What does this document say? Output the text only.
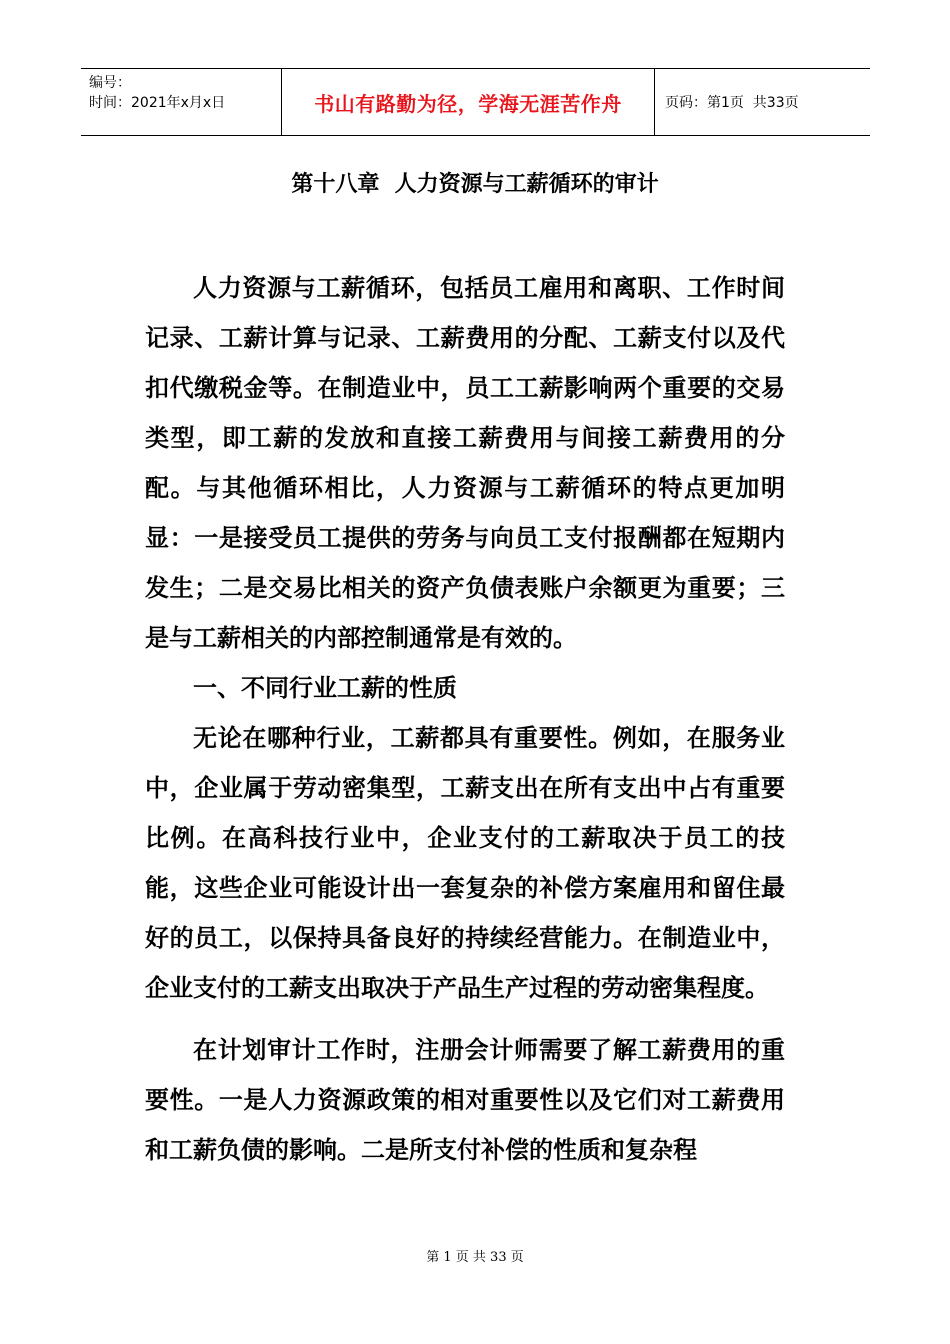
编号：
时间：2021年x月x日	书山有路勤为径，学海无涯苦作舟	页码：第1页  共33页
第十八章  人力资源与工薪循环的审计

人力资源与工薪循环，包括员工雇用和离职、工作时间记录、工薪计算与记录、工薪费用的分配、工薪支付以及代扣代缴税金等。在制造业中，员工工薪影响两个重要的交易类型，即工薪的发放和直接工薪费用与间接工薪费用的分配。与其他循环相比，人力资源与工薪循环的特点更加明显：一是接受员工提供的劳务与向员工支付报酬都在短期内发生；二是交易比相关的资产负债表账户余额更为重要；三是与工薪相关的内部控制通常是有效的。

一、不同行业工薪的性质

无论在哪种行业，工薪都具有重要性。例如，在服务业中，企业属于劳动密集型，工薪支出在所有支出中占有重要比例。在高科技行业中，企业支付的工薪取决于员工的技能，这些企业可能设计出一套复杂的补偿方案雇用和留住最好的员工，以保持具备良好的持续经营能力。在制造业中，企业支付的工薪支出取决于产品生产过程的劳动密集程度。

在计划审计工作时，注册会计师需要了解工薪费用的重要性。一是人力资源政策的相对重要性以及它们对工薪费用和工薪负债的影响。二是所支付补偿的性质和复杂程

第 1 页 共 33 页
